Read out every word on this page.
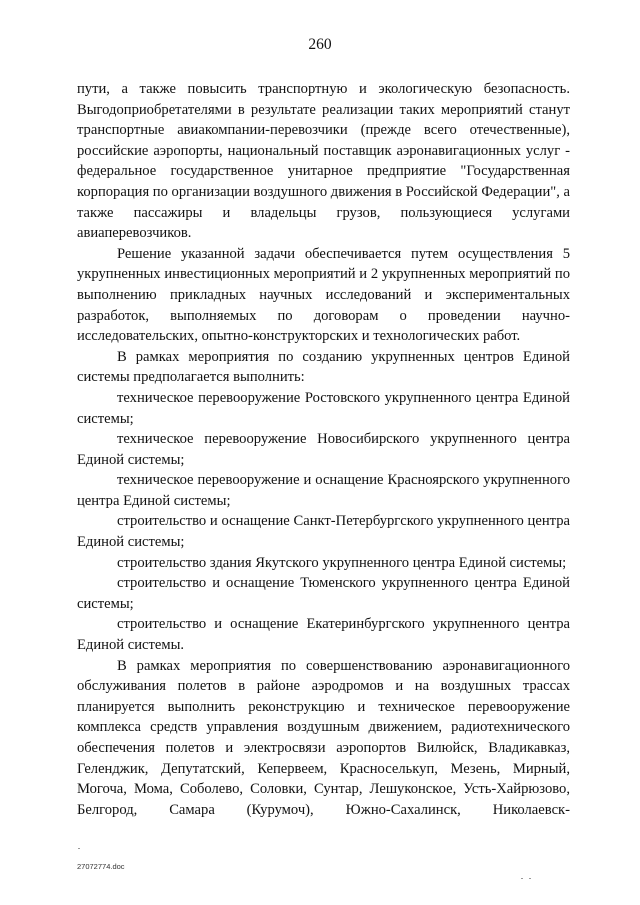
260

пути, а также повысить транспортную и экологическую безопасность. Выгодоприобретателями в результате реализации таких мероприятий станут транспортные авиакомпании-перевозчики (прежде всего отечественные), российские аэропорты, национальный поставщик аэронавигационных услуг - федеральное государственное унитарное предприятие "Государственная корпорация по организации воздушного движения в Российской Федерации", а также пассажиры и владельцы грузов, пользующиеся услугами авиаперевозчиков.

Решение указанной задачи обеспечивается путем осуществления 5 укрупненных инвестиционных мероприятий и 2 укрупненных мероприятий по выполнению прикладных научных исследований и экспериментальных разработок, выполняемых по договорам о проведении научно-исследовательских, опытно-конструкторских и технологических работ.

В рамках мероприятия по созданию укрупненных центров Единой системы предполагается выполнить:

техническое перевооружение Ростовского укрупненного центра Единой системы;

техническое перевооружение Новосибирского укрупненного центра Единой системы;

техническое перевооружение и оснащение Красноярского укрупненного центра Единой системы;

строительство и оснащение Санкт-Петербургского укрупненного центра Единой системы;

строительство здания Якутского укрупненного центра Единой системы;

строительство и оснащение Тюменского укрупненного центра Единой системы;

строительство и оснащение Екатеринбургского укрупненного центра Единой системы.

В рамках мероприятия по совершенствованию аэронавигационного обслуживания полетов в районе аэродромов и на воздушных трассах планируется выполнить реконструкцию и техническое перевооружение комплекса средств управления воздушным движением, радиотехнического обеспечения полетов и электросвязи аэропортов Вилюйск, Владикавказ, Геленджик, Депутатский, Кепервеем, Красноселькуп, Мезень, Мирный, Могоча, Мома, Соболево, Соловки, Сунтар, Лешуконское, Усть-Хайрюзово, Белгород, Самара (Курумоч), Южно-Сахалинск, Николаевск-

27072774.doc
